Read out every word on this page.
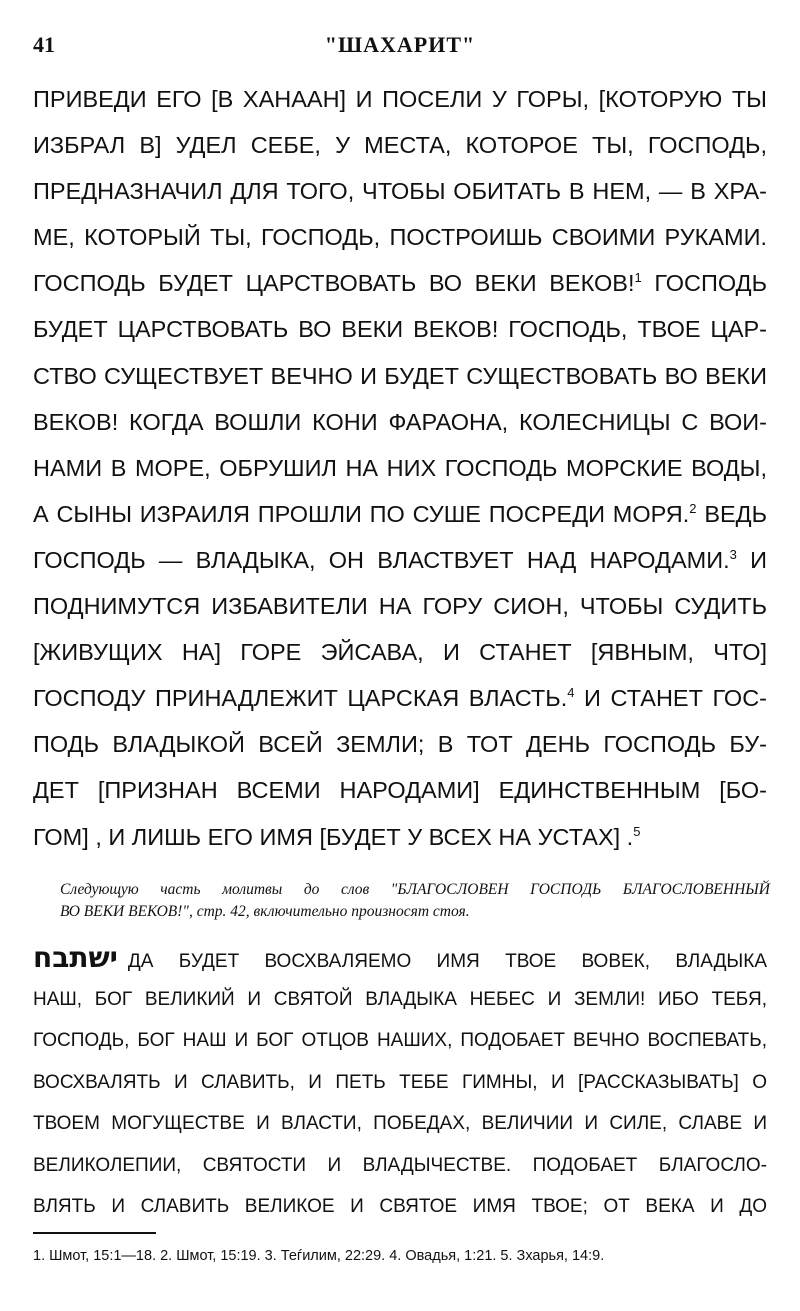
41	"ШАХАРИТ"
ПРИВЕДИ ЕГО [В ХАНААН] И ПОСЕЛИ У ГОРЫ, [КОТОРУЮ ТЫ
ИЗБРАЛ В] УДЕЛ СЕБЕ, У МЕСТА, КОТОРОЕ ТЫ, ГОСПОДЬ,
ПРЕДНАЗНАЧИЛ ДЛЯ ТОГО, ЧТОБЫ ОБИТАТЬ В НЕМ, — В ХРА-
МЕ, КОТОРЫЙ ТЫ, ГОСПОДЬ, ПОСТРОИШЬ СВОИМИ РУКАМИ.
ГОСПОДЬ БУДЕТ ЦАРСТВОВАТЬ ВО ВЕКИ ВЕКОВ!$^1$ ГОСПОДЬ
БУДЕТ ЦАРСТВОВАТЬ ВО ВЕКИ ВЕКОВ! ГОСПОДЬ, ТВОЕ ЦАР-
СТВО СУЩЕСТВУЕТ ВЕЧНО И БУДЕТ СУЩЕСТВОВАТЬ ВО ВЕКИ
ВЕКОВ! КОГДА ВОШЛИ КОНИ ФАРАОНА, КОЛЕСНИЦЫ С ВОИ-
НАМИ В МОРЕ, ОБРУШИЛ НА НИХ ГОСПОДЬ МОРСКИЕ ВОДЫ,
А СЫНЫ ИЗРАИЛЯ ПРОШЛИ ПО СУШЕ ПОСРЕДИ МОРЯ.$^2$ ВЕДЬ
ГОСПОДЬ — ВЛАДЫКА, ОН ВЛАСТВУЕТ НАД НАРОДАМИ.$^3$ И
ПОДНИМУТСЯ ИЗБАВИТЕЛИ НА ГОРУ СИОН, ЧТОБЫ СУДИТЬ
[ЖИВУЩИХ НА] ГОРЕ ЭЙСАВА, И СТАНЕТ [ЯВНЫМ, ЧТО]
ГОСПОДУ ПРИНАДЛЕЖИТ ЦАРСКАЯ ВЛАСТЬ.$^4$ И СТАНЕТ ГОС-
ПОДЬ ВЛАДЫКОЙ ВСЕЙ ЗЕМЛИ; В ТОТ ДЕНЬ ГОСПОДЬ БУ-
ДЕТ [ПРИЗНАН ВСЕМИ НАРОДАМИ] ЕДИНСТВЕННЫМ [БО-
ГОМ] , И ЛИШЬ ЕГО ИМЯ [БУДЕТ У ВСЕХ НА УСТАХ] .$^5$
Следующую часть молитвы до слов "БЛАГОСЛОВЕН ГОСПОДЬ БЛАГОСЛОВЕННЫЙ
ВО ВЕКИ ВЕКОВ!", стр. 42, включительно произносят стоя.
ישתבח ДА БУДЕТ ВОСХВАЛЯЕМО ИМЯ ТВОЕ ВОВЕК, ВЛАДЫКА
НАШ, БОГ ВЕЛИКИЙ И СВЯТОЙ ВЛАДЫКА НЕБЕС И ЗЕМЛИ! ИБО ТЕБЯ,
ГОСПОДЬ, БОГ НАШ И БОГ ОТЦОВ НАШИХ, ПОДОБАЕТ ВЕЧНО ВОСПЕВАТЬ,
ВОСХВАЛЯТЬ И СЛАВИТЬ, И ПЕТЬ ТЕБЕ ГИМНЫ, И [РАССКАЗЫВАТЬ] О
ТВОЕМ МОГУЩЕСТВЕ И ВЛАСТИ, ПОБЕДАХ, ВЕЛИЧИИ И СИЛЕ, СЛАВЕ И
ВЕЛИКОЛЕПИИ, СВЯТОСТИ И ВЛАДЫЧЕСТВЕ. ПОДОБАЕТ БЛАГОСЛО-
ВЛЯТЬ И СЛАВИТЬ ВЕЛИКОЕ И СВЯТОЕ ИМЯ ТВОЕ; ОТ ВЕКА И ДО
1. Шмот, 15:1—18. 2. Шмот, 15:19. 3. Теѓилим, 22:29. 4. Овадья, 1:21. 5. Зхарья, 14:9.
